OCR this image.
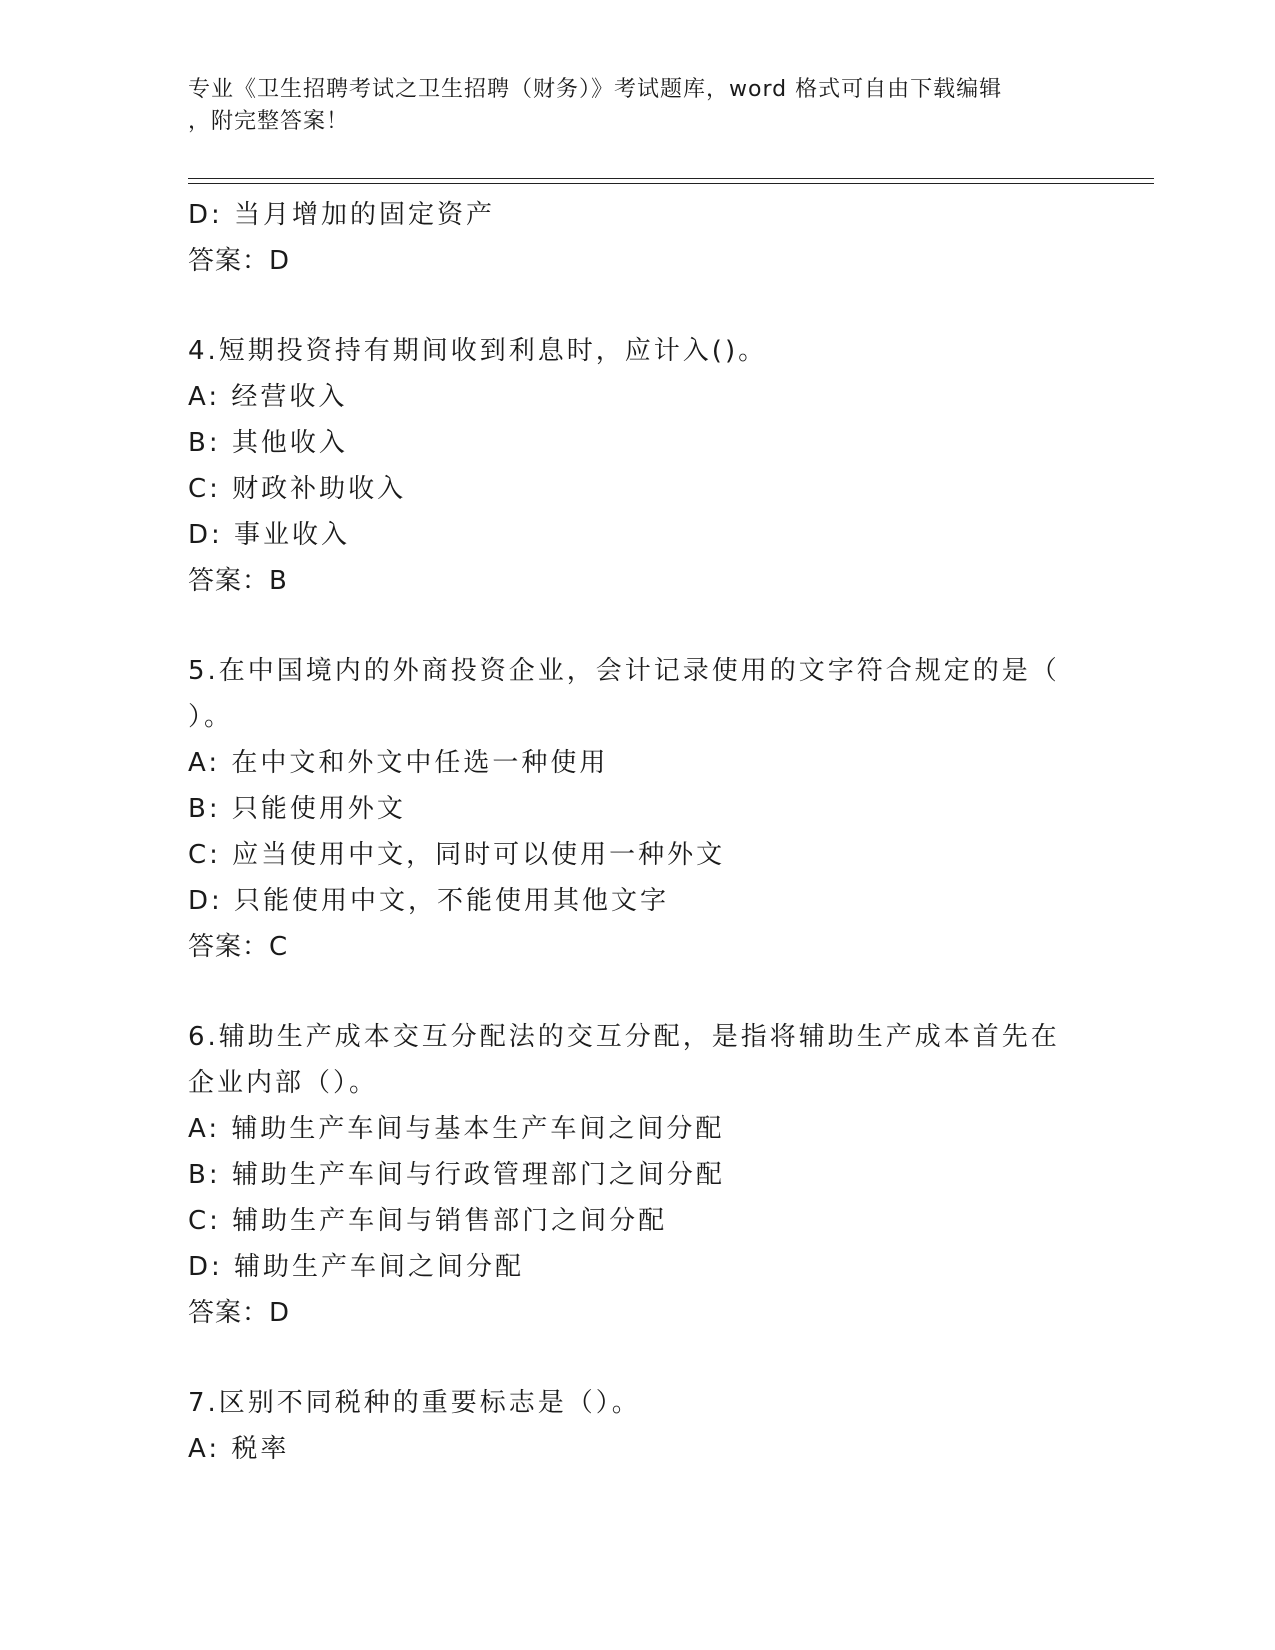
专业《卫生招聘考试之卫生招聘（财务）》考试题库，word 格式可自由下载编辑
，附完整答案！
D: 当月增加的固定资产
答案：D
4.短期投资持有期间收到利息时，应计入()。
A: 经营收入
B: 其他收入
C: 财政补助收入
D: 事业收入
答案：B
5.在中国境内的外商投资企业，会计记录使用的文字符合规定的是（
）。
A: 在中文和外文中任选一种使用
B: 只能使用外文
C: 应当使用中文，同时可以使用一种外文
D: 只能使用中文，不能使用其他文字
答案：C
6.辅助生产成本交互分配法的交互分配，是指将辅助生产成本首先在
企业内部（）。
A: 辅助生产车间与基本生产车间之间分配
B: 辅助生产车间与行政管理部门之间分配
C: 辅助生产车间与销售部门之间分配
D: 辅助生产车间之间分配
答案：D
7.区别不同税种的重要标志是（）。
A: 税率
